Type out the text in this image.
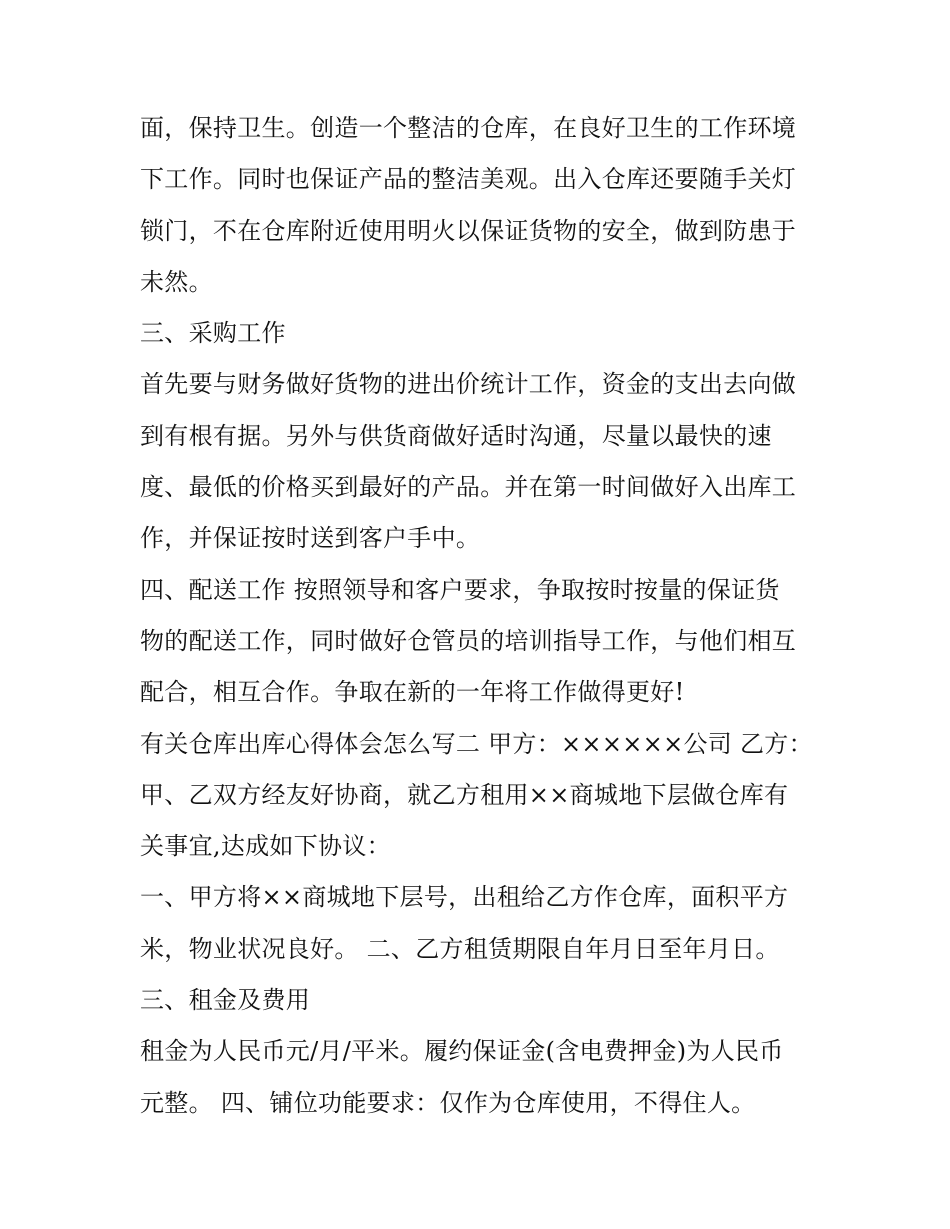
面，保持卫生。创造一个整洁的仓库，在良好卫生的工作环境
下工作。同时也保证产品的整洁美观。出入仓库还要随手关灯
锁门，不在仓库附近使用明火以保证货物的安全，做到防患于
未然。
三、采购工作
首先要与财务做好货物的进出价统计工作，资金的支出去向做
到有根有据。另外与供货商做好适时沟通，尽量以最快的速
度、最低的价格买到最好的产品。并在第一时间做好入出库工
作，并保证按时送到客户手中。
四、配送工作 按照领导和客户要求，争取按时按量的保证货
物的配送工作，同时做好仓管员的培训指导工作，与他们相互
配合，相互合作。争取在新的一年将工作做得更好!
有关仓库出库心得体会怎么写二 甲方：××××××公司 乙方：
甲、乙双方经友好协商，就乙方租用××商城地下层做仓库有
关事宜,达成如下协议：
一、甲方将××商城地下层号，出租给乙方作仓库，面积平方
米，物业状况良好。 二、乙方租赁期限自年月日至年月日。
三、租金及费用
租金为人民币元/月/平米。履约保证金(含电费押金)为人民币
元整。 四、铺位功能要求：仅作为仓库使用，不得住人。
